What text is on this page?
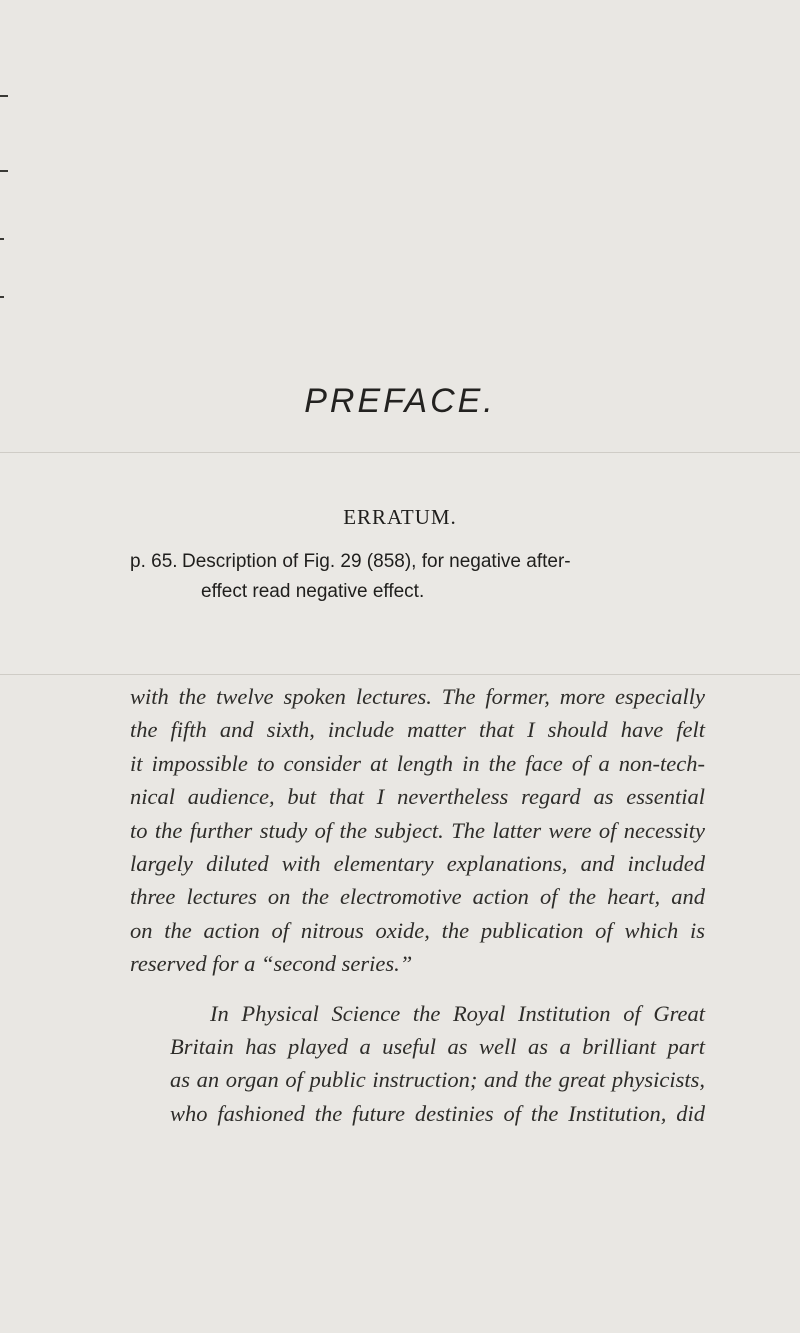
PREFACE.
ERRATUM.
p. 65. Description of Fig. 29 (858), for negative after-
effect read negative effect.
with the twelve spoken lectures. The former, more especially
the fifth and sixth, include matter that I should have felt
it impossible to consider at length in the face of a non-tech-
nical audience, but that I nevertheless regard as essential
to the further study of the subject. The latter were of necessity
largely diluted with elementary explanations, and included
three lectures on the electromotive action of the heart, and
on the action of nitrous oxide, the publication of which is
reserved for a “second series.”
In Physical Science the Royal Institution of Great
Britain has played a useful as well as a brilliant part
as an organ of public instruction; and the great physicists,
who fashioned the future destinies of the Institution, did
